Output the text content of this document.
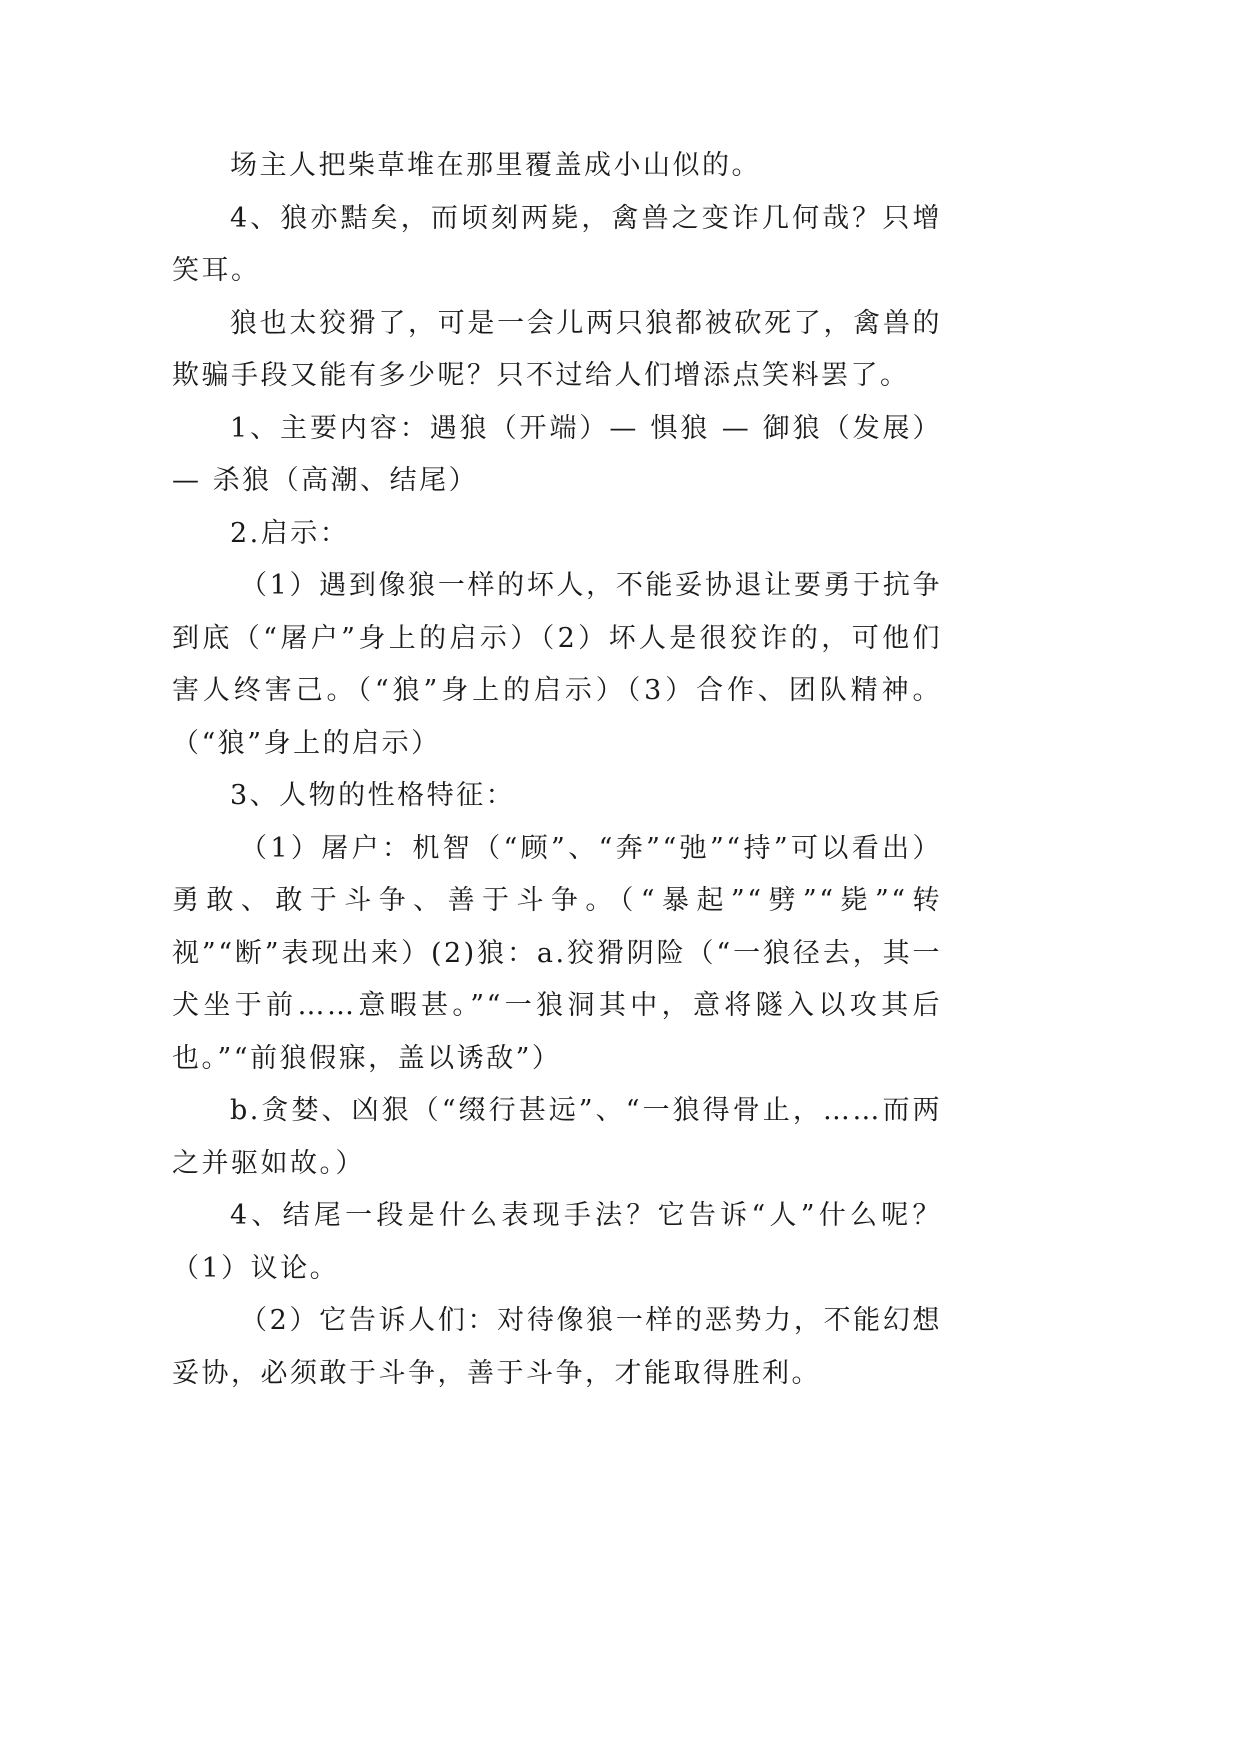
场主人把柴草堆在那里覆盖成小山似的。

4、狼亦黠矣，而顷刻两毙，禽兽之变诈几何哉？只增笑耳。

狼也太狡猾了，可是一会儿两只狼都被砍死了，禽兽的欺骗手段又能有多少呢？只不过给人们增添点笑料罢了。

1、主要内容：遇狼（开端）— 惧狼 — 御狼（发展）— 杀狼（高潮、结尾）

2.启示：

（1）遇到像狼一样的坏人，不能妥协退让要勇于抗争到底（“屠户”身上的启示）（2）坏人是很狡诈的，可他们害人终害己。（“狼”身上的启示）（3）合作、团队精神。（“狼”身上的启示）

3、人物的性格特征：

（1）屠户：机智（“顾”、“奔”“弛”“持”可以看出）勇敢、敢于斗争、善于斗争。（“暴起”“劈”“毙”“转视”“断”表现出来）(2)狼：a.狡猾阴险（“一狼径去，其一犬坐于前……意暇甚。”“一狼洞其中，意将隧入以攻其后也。”“前狼假寐，盖以诱敌”）

b.贪婪、凶狠（“缀行甚远”、“一狼得骨止，……而两之并驱如故。）

4、结尾一段是什么表现手法？它告诉“人”什么呢？（1）议论。

（2）它告诉人们：对待像狼一样的恶势力，不能幻想妥协，必须敢于斗争，善于斗争，才能取得胜利。
